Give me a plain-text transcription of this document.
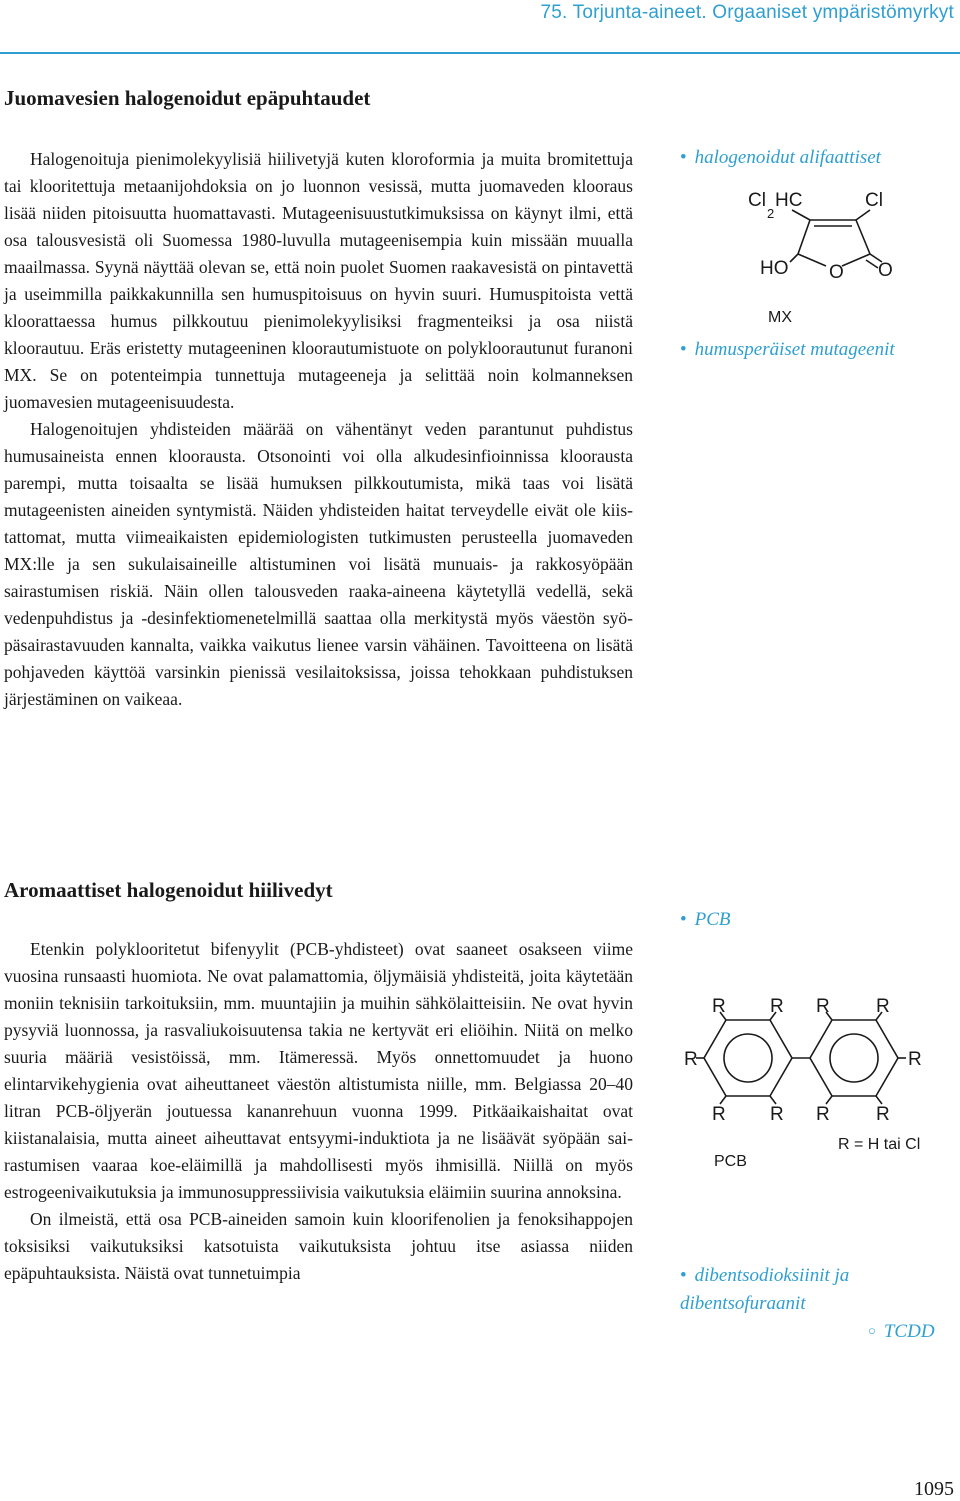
75. Torjunta-aineet. Orgaaniset ympäristömyrkyt
Juomavesien halogenoidut epäpuhtaudet

Halogenoituja pienimolekyylisiä hiilivetyjä kuten kloroformia ja muita bromitettuja tai klooritettuja metaanijohdoksia on jo luonnon vesissä, mutta juomaveden klooraus lisää niiden pitoisuutta huomattavasti. Mutageenisuustutkimuksissa on käynyt ilmi, että osa talousvesistä oli Suomessa 1980-luvulla mutageenisempia kuin missään muualla maailmassa. Syynä näyttää olevan se, että noin puolet Suomen raakavesistä on pintavettä ja useimmilla paikkakunnilla sen humuspitoisuus on hyvin suuri. Humuspitoista vettä kloorattaessa humus pilkkoutuu pienimolekyylisiksi fragmenteiksi ja osa niistä kloorautuu. Eräs eristetty mutageeninen kloorautumistuote on polykloorautunut furanoni MX. Se on potenteimpia tunnettuja mutageeneja ja selittää noin kolmanneksen juomavesien mutageenisuudesta.

Halogenoitujen yhdisteiden määrää on vähentänyt veden parantunut puhdistus humusaineista ennen kloorausta. Otsonointi voi olla alkudesinfioinnissa kloorausta parempi, mutta toisaalta se lisää humuksen pilkkoutumista, mikä taas voi lisätä mutageenisten aineiden syntymistä. Näiden yhdisteiden haitat terveydelle eivät ole kiistattomat, mutta viimeaikaisten epidemiologisten tutkimusten perusteella juomaveden MX:lle ja sen sukulaisaineille altistuminen voi lisätä munuais- ja rakkosyöpään sairastumisen riskiä. Näin ollen talousveden raaka-aineena käytetyllä vedellä, sekä vedenpuhdistus ja -desinfektiomenetelmillä saattaa olla merkitystä myös väestön syöpäsairastavuuden kannalta, vaikka vaikutus lienee varsin vähäinen. Tavoitteena on lisätä pohjaveden käyttöä varsinkin pienissä vesilaitoksissa, joissa tehokkaan puhdistuksen järjestäminen on vaikeaa.

Aromaattiset halogenoidut hiilivedyt

Etenkin polyklooritetut bifenyylit (PCB-yhdisteet) ovat saaneet osakseen viime vuosina runsaasti huomiota. Ne ovat palamattomia, öljymäisiä yhdisteitä, joita käytetään moniin teknisiin tarkoituksiin, mm. muuntajiin ja muihin sähkölaitteisiin. Ne ovat hyvin pysyviä luonnossa, ja rasvaliukoisuutensa takia ne kertyvät eri eliöihin. Niitä on melko suuria määriä vesistöissä, mm. Itämeressä. Myös onnettomuudet ja huono elintarvikehygienia ovat aiheuttaneet väestön altistumista niille, mm. Belgiassa 20–40 litran PCB-öljyerän joutuessa kananrehuun vuonna 1999. Pitkäaikaishaitat ovat kiistanalaisia, mutta aineet aiheuttavat entsyymi-induktiota ja ne lisäävät syöpään sairastumisen vaaraa koe-eläimillä ja mahdollisesti myös ihmisillä. Niillä on myös estrogeenivaikutuksia ja immunosuppressiivisia vaikutuksia eläimiin suurina annoksina.

On ilmeistä, että osa PCB-aineiden samoin kuin kloorifenolien ja fenoksihappojen toksisiksi vaikutuksiksi katsotuista vaikutuksista johtuu itse asiassa niiden epäpuhtauksista. Näistä ovat tunnetuimpia

• halogenoidut alifaattiset
Cl
2
HC	Cl
HO O O
MX
• humusperäiset mutageenit
• PCB
R R R R
R	R
R R R R
R = H tai Cl
PCB
• dibentsodioksiinit ja dibentsofuraanit
○ TCDD
1095
